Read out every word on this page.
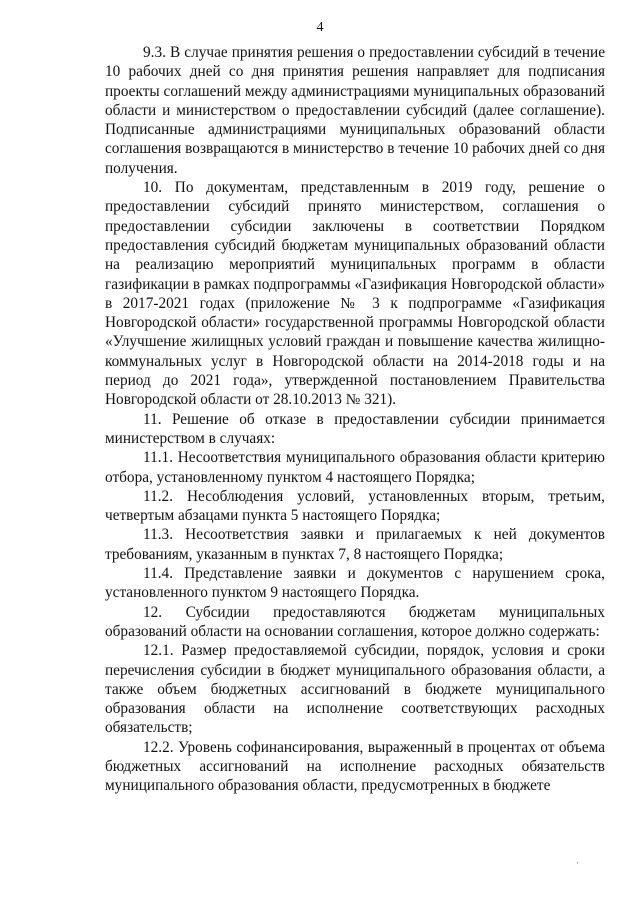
4

9.3. В случае принятия решения о предоставлении субсидий в течение 10 рабочих дней со дня принятия решения направляет для подписания проекты соглашений между администрациями муниципальных образований области и министерством о предоставлении субсидий (далее соглашение). Подписанные администрациями муниципальных образований области соглашения возвращаются в министерство в течение 10 рабочих дней со дня получения.

10. По документам, представленным в 2019 году, решение о предоставлении субсидий принято министерством, соглашения о предоставлении субсидии заключены в соответствии Порядком предоставления субсидий бюджетам муниципальных образований области на реализацию мероприятий муниципальных программ в области газификации в рамках подпрограммы «Газификация Новгородской области» в 2017-2021 годах (приложение № 3 к подпрограмме «Газификация Новгородской области» государственной программы Новгородской области «Улучшение жилищных условий граждан и повышение качества жилищно-коммунальных услуг в Новгородской области на 2014-2018 годы и на период до 2021 года», утвержденной постановлением Правительства Новгородской области от 28.10.2013 № 321).

11. Решение об отказе в предоставлении субсидии принимается министерством в случаях:

11.1. Несоответствия муниципального образования области критерию отбора, установленному пунктом 4 настоящего Порядка;

11.2. Несоблюдения условий, установленных вторым, третьим, четвертым абзацами пункта 5 настоящего Порядка;

11.3. Несоответствия заявки и прилагаемых к ней документов требованиям, указанным в пунктах 7, 8 настоящего Порядка;

11.4. Представление заявки и документов с нарушением срока, установленного пунктом 9 настоящего Порядка.

12. Субсидии предоставляются бюджетам муниципальных образований области на основании соглашения, которое должно содержать:

12.1. Размер предоставляемой субсидии, порядок, условия и сроки перечисления субсидии в бюджет муниципального образования области, а также объем бюджетных ассигнований в бюджете муниципального образования области на исполнение соответствующих расходных обязательств;

12.2. Уровень софинансирования, выраженный в процентах от объема бюджетных ассигнований на исполнение расходных обязательств муниципального образования области, предусмотренных в бюджете

·
